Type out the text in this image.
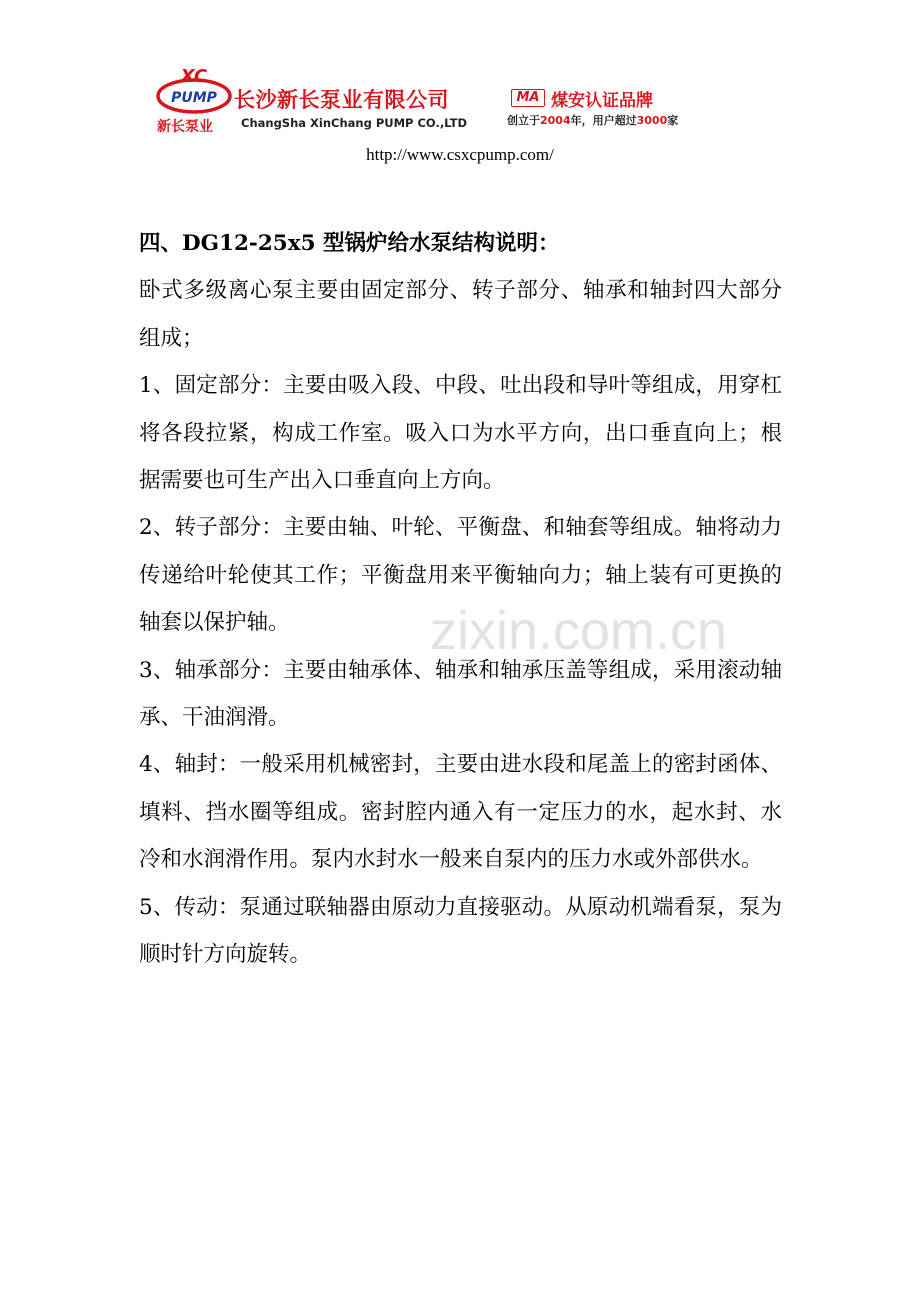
XC
PUMP
新长泵业
长沙新长泵业有限公司
ChangSha XinChang PUMP CO.,LTD
MA 煤安认证品牌
创立于2004年，用户超过3000家
http://www.csxcpump.com/
zixin.com.cn

四、DG12-25x5 型锅炉给水泵结构说明：

卧式多级离心泵主要由固定部分、转子部分、轴承和轴封四大部分组成；

1、固定部分：主要由吸入段、中段、吐出段和导叶等组成，用穿杠将各段拉紧，构成工作室。吸入口为水平方向，出口垂直向上；根据需要也可生产出入口垂直向上方向。

2、转子部分：主要由轴、叶轮、平衡盘、和轴套等组成。轴将动力传递给叶轮使其工作；平衡盘用来平衡轴向力；轴上装有可更换的轴套以保护轴。

3、轴承部分：主要由轴承体、轴承和轴承压盖等组成，采用滚动轴承、干油润滑。

4、轴封：一般采用机械密封，主要由进水段和尾盖上的密封函体、填料、挡水圈等组成。密封腔内通入有一定压力的水，起水封、水冷和水润滑作用。泵内水封水一般来自泵内的压力水或外部供水。

5、传动：泵通过联轴器由原动力直接驱动。从原动机端看泵，泵为顺时针方向旋转。
